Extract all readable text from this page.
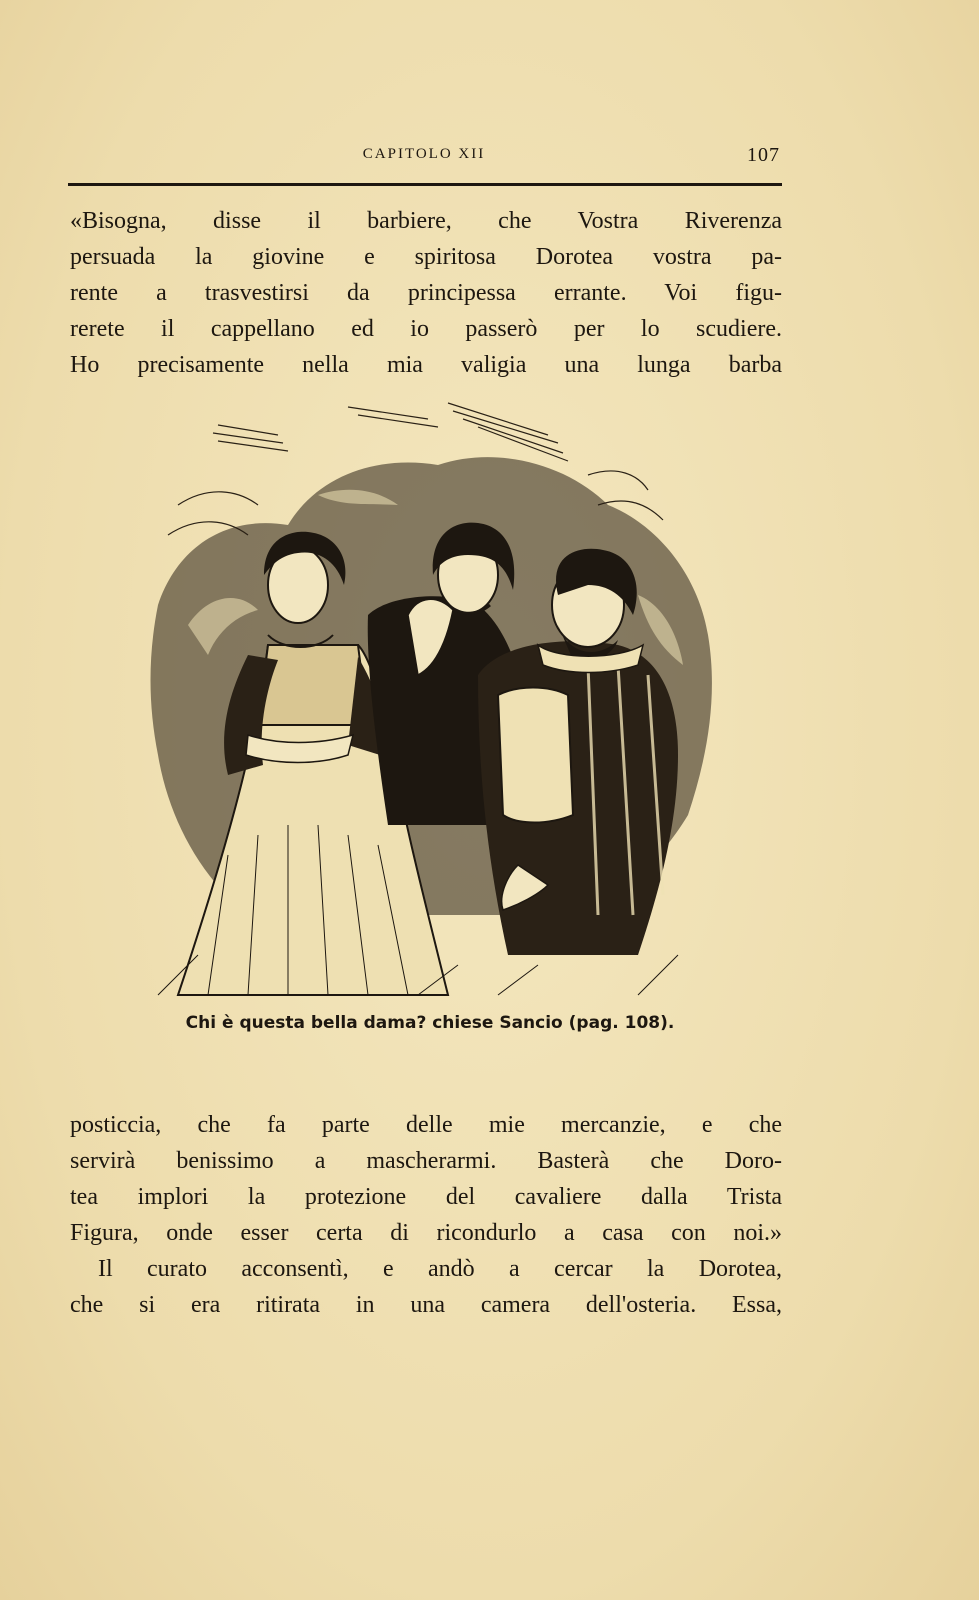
CAPITOLO XII	107
«Bisogna, disse il barbiere, che Vostra Riverenza
persuada la giovine e spiritosa Dorotea vostra pa-
rente a trasvestirsi da principessa errante. Voi figu-
rerete il cappellano ed io passerò per lo scudiere.
Ho precisamente nella mia valigia una lunga barba
Chi è questa bella dama? chiese Sancio (pag. 108).
posticcia, che fa parte delle mie mercanzie, e che
servirà benissimo a mascherarmi. Basterà che Doro-
tea implori la protezione del cavaliere dalla Trista
Figura, onde esser certa di ricondurlo a casa con noi.»
Il curato acconsentì, e andò a cercar la Dorotea,
che si era ritirata in una camera dell'osteria. Essa,
